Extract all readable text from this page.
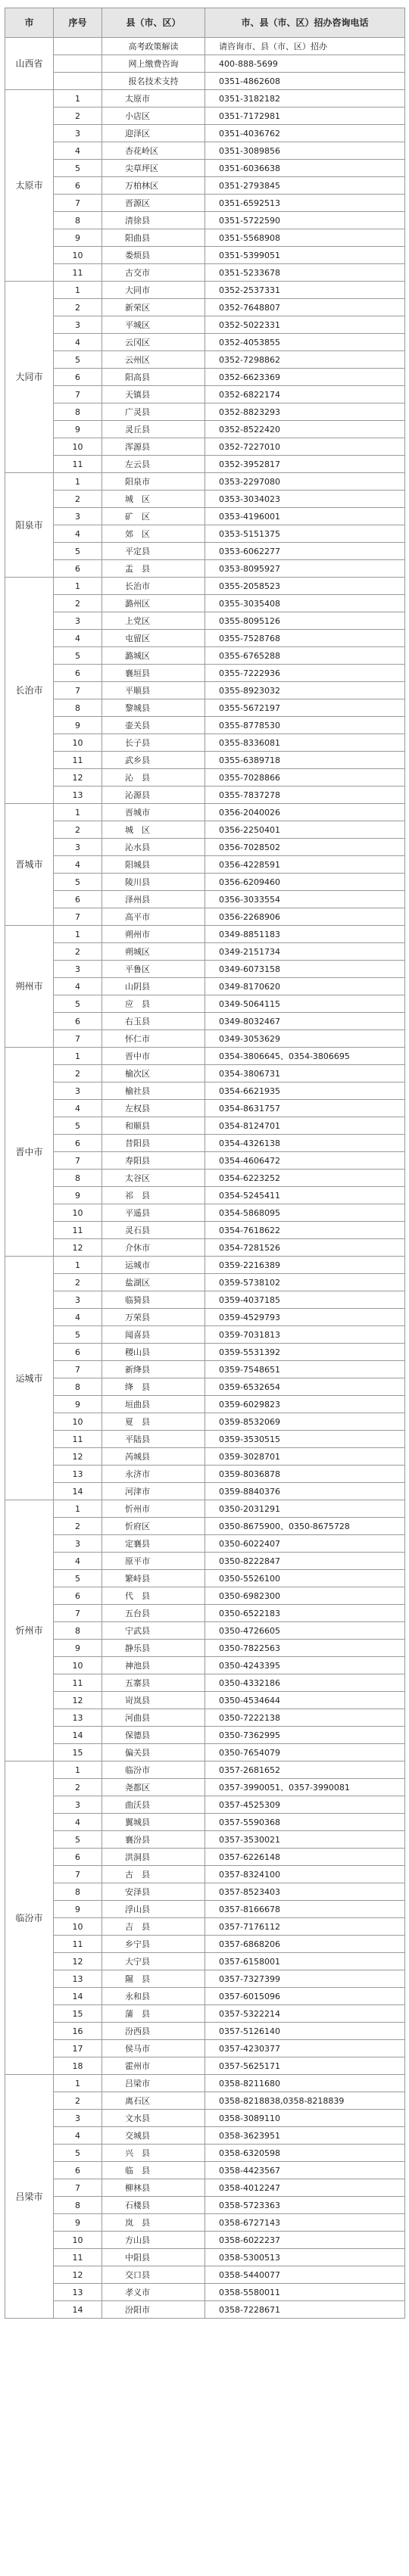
市	序号	县（市、区）	市、县（市、区）招办咨询电话
山西省		高考政策解读	请咨询市、县（市、区）招办
		网上缴费咨询	400-888-5699
		报名技术支持	0351-4862608
太原市	1	太原市	0351-3182182
	2	小店区	0351-7172981
	3	迎泽区	0351-4036762
	4	杏花岭区	0351-3089856
	5	尖草坪区	0351-6036638
	6	万柏林区	0351-2793845
	7	晋源区	0351-6592513
	8	清徐县	0351-5722590
	9	阳曲县	0351-5568908
	10	娄烦县	0351-5399051
	11	古交市	0351-5233678
大同市	1	大同市	0352-2537331
	2	新荣区	0352-7648807
	3	平城区	0352-5022331
	4	云冈区	0352-4053855
	5	云州区	0352-7298862
	6	阳高县	0352-6623369
	7	天镇县	0352-6822174
	8	广灵县	0352-8823293
	9	灵丘县	0352-8522420
	10	浑源县	0352-7227010
	11	左云县	0352-3952817
阳泉市	1	阳泉市	0353-2297080
	2	城　区	0353-3034023
	3	矿　区	0353-4196001
	4	郊　区	0353-5151375
	5	平定县	0353-6062277
	6	盂　县	0353-8095927
长治市	1	长治市	0355-2058523
	2	潞州区	0355-3035408
	3	上党区	0355-8095126
	4	屯留区	0355-7528768
	5	潞城区	0355-6765288
	6	襄垣县	0355-7222936
	7	平顺县	0355-8923032
	8	黎城县	0355-5672197
	9	壶关县	0355-8778530
	10	长子县	0355-8336081
	11	武乡县	0355-6389718
	12	沁　县	0355-7028866
	13	沁源县	0355-7837278
晋城市	1	晋城市	0356-2040026
	2	城　区	0356-2250401
	3	沁水县	0356-7028502
	4	阳城县	0356-4228591
	5	陵川县	0356-6209460
	6	泽州县	0356-3033554
	7	高平市	0356-2268906
朔州市	1	朔州市	0349-8851183
	2	朔城区	0349-2151734
	3	平鲁区	0349-6073158
	4	山阴县	0349-8170620
	5	应　县	0349-5064115
	6	右玉县	0349-8032467
	7	怀仁市	0349-3053629
晋中市	1	晋中市	0354-3806645、0354-3806695
	2	榆次区	0354-3806731
	3	榆社县	0354-6621935
	4	左权县	0354-8631757
	5	和顺县	0354-8124701
	6	昔阳县	0354-4326138
	7	寿阳县	0354-4606472
	8	太谷区	0354-6223252
	9	祁　县	0354-5245411
	10	平遥县	0354-5868095
	11	灵石县	0354-7618622
	12	介休市	0354-7281526
运城市	1	运城市	0359-2216389
	2	盐湖区	0359-5738102
	3	临猗县	0359-4037185
	4	万荣县	0359-4529793
	5	闻喜县	0359-7031813
	6	稷山县	0359-5531392
	7	新绛县	0359-7548651
	8	绛　县	0359-6532654
	9	垣曲县	0359-6029823
	10	夏　县	0359-8532069
	11	平陆县	0359-3530515
	12	芮城县	0359-3028701
	13	永济市	0359-8036878
	14	河津市	0359-8840376
忻州市	1	忻州市	0350-2031291
	2	忻府区	0350-8675900、0350-8675728
	3	定襄县	0350-6022407
	4	原平市	0350-8222847
	5	繁峙县	0350-5526100
	6	代　县	0350-6982300
	7	五台县	0350-6522183
	8	宁武县	0350-4726605
	9	静乐县	0350-7822563
	10	神池县	0350-4243395
	11	五寨县	0350-4332186
	12	岢岚县	0350-4534644
	13	河曲县	0350-7222138
	14	保德县	0350-7362995
	15	偏关县	0350-7654079
临汾市	1	临汾市	0357-2681652
	2	尧都区	0357-3990051、0357-3990081
	3	曲沃县	0357-4525309
	4	翼城县	0357-5590368
	5	襄汾县	0357-3530021
	6	洪洞县	0357-6226148
	7	古　县	0357-8324100
	8	安泽县	0357-8523403
	9	浮山县	0357-8166678
	10	吉　县	0357-7176112
	11	乡宁县	0357-6868206
	12	大宁县	0357-6158001
	13	隰　县	0357-7327399
	14	永和县	0357-6015096
	15	蒲　县	0357-5322214
	16	汾西县	0357-5126140
	17	侯马市	0357-4230377
	18	霍州市	0357-5625171
吕梁市	1	吕梁市	0358-8211680
	2	离石区	0358-8218838,0358-8218839
	3	文水县	0358-3089110
	4	交城县	0358-3623951
	5	兴　县	0358-6320598
	6	临　县	0358-4423567
	7	柳林县	0358-4012247
	8	石楼县	0358-5723363
	9	岚　县	0358-6727143
	10	方山县	0358-6022237
	11	中阳县	0358-5300513
	12	交口县	0358-5440077
	13	孝义市	0358-5580011
	14	汾阳市	0358-7228671
